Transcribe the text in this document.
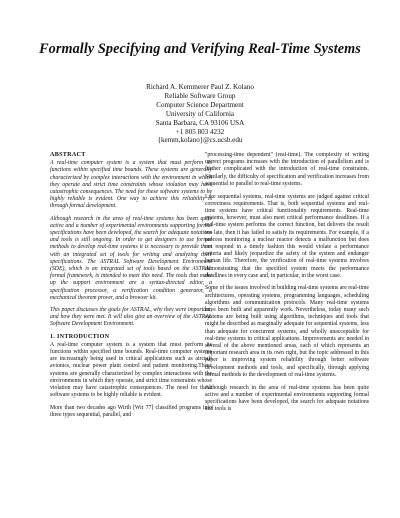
Formally Specifying and Verifying Real-Time Systems
Richard A. Kemmerer Paul Z. Kolano
Reliable Software Group
Computer Science Department
University of California
Santa Barbara, CA 93106 USA
+1 805 803 4232
{kemm,kolano}@cs.ucsb.edu
ABSTRACT

A real-time computer system is a system that must perform its functions within specified time bounds. These systems are generally characterized by complex interactions with the environment in which they operate and strict time constraints whose violation may have catastrophic consequences. The need for these software systems to be highly reliable is evident. One way to achieve this reliability is through formal development.

Although research in the area of real-time systems has been quite active and a number of experimental environments supporting formal specifications have been developed, the search for adequate notations and tools is still ongoing. In order to get designers to use formal methods to develop real-time systems it is necessary to provide them with an integrated set of tools for writing and analyzing their specifications. The ASTRAL Software Development Environment (SDE), which is an integrated set of tools based on the ASTRAL formal framework, is intended to meet this need. The tools that make up the support environment are a syntax-directed editor, a specification processor, a verification condition generator, a mechanical theorem prover, and a browser kit.

This paper discusses the goals for ASTRAL, why they were important, and how they were met. It will also give an overview of the ASTRAL Software Development Environment.

1. INTRODUCTION

A real-time computer system is a system that must perform its functions within specified time bounds. Real-time computer systems are increasingly being used in critical applications such as aircraft avionics, nuclear power plant control and patient monitoring.These systems are generally characterized by complex interactions with the environments in which they operate, and strict time constraints whose violation may have catastrophic consequences. The need for these software systems to be highly reliable is evident.

More than two decades ago Wirth [Wir 77] classified programs into three types sequential, parallel, and

"processing-time dependent" (real-time). The complexity of writing correct programs increases with the introduction of parallelism and is further complicated with the introduction of real-time constraints. Similarly, the difficulty of specification and verification increases from sequential to parallel to real-time systems.

Like sequential systems, real-time systems are judged against critical correctness requirements. That is, both sequential systems and real-time systems have critical functionality requirements. Real-time systems, however, must also meet critical performance deadlines. If a real-time system performs the correct function, but delivers the result too late, then it has failed to satisfy its requirements. For example, if a process monitoring a nuclear reactor detects a malfunction but does not respond in a timely fashion this would violate a performance criteria and likely jeopardize the safety of the system and endanger human life. Therefore, the verification of real-time systems involves demonstrating that the specified system meets the performance deadlines in every case and, in particular, in the worst case.

Some of the issues involved in building real-time systems are real-time architectures, operating systems, programming languages, scheduling algorithms and communication protocols. Many real-time systems have been built and apparently work. Nevertheless, today many such systems are being built using algorithms, techniques and tools that might be described as marginally adequate for sequential systems, less than adequate for concurrent systems, and wholly unacceptable for real-time systems in critical applications. Improvements are needed in several of the above mentioned areas, each of which represents an important research area in its own right, but the topic addressed in this paper is improving system reliability through better software development methods and tools, and specifically, through applying formal methods to the development of real-time systems.

Although research in the area of real-time systems has been quite active and a number of experimental environments supporting formal specifications have been developed, the search for adequate notations and tools is
